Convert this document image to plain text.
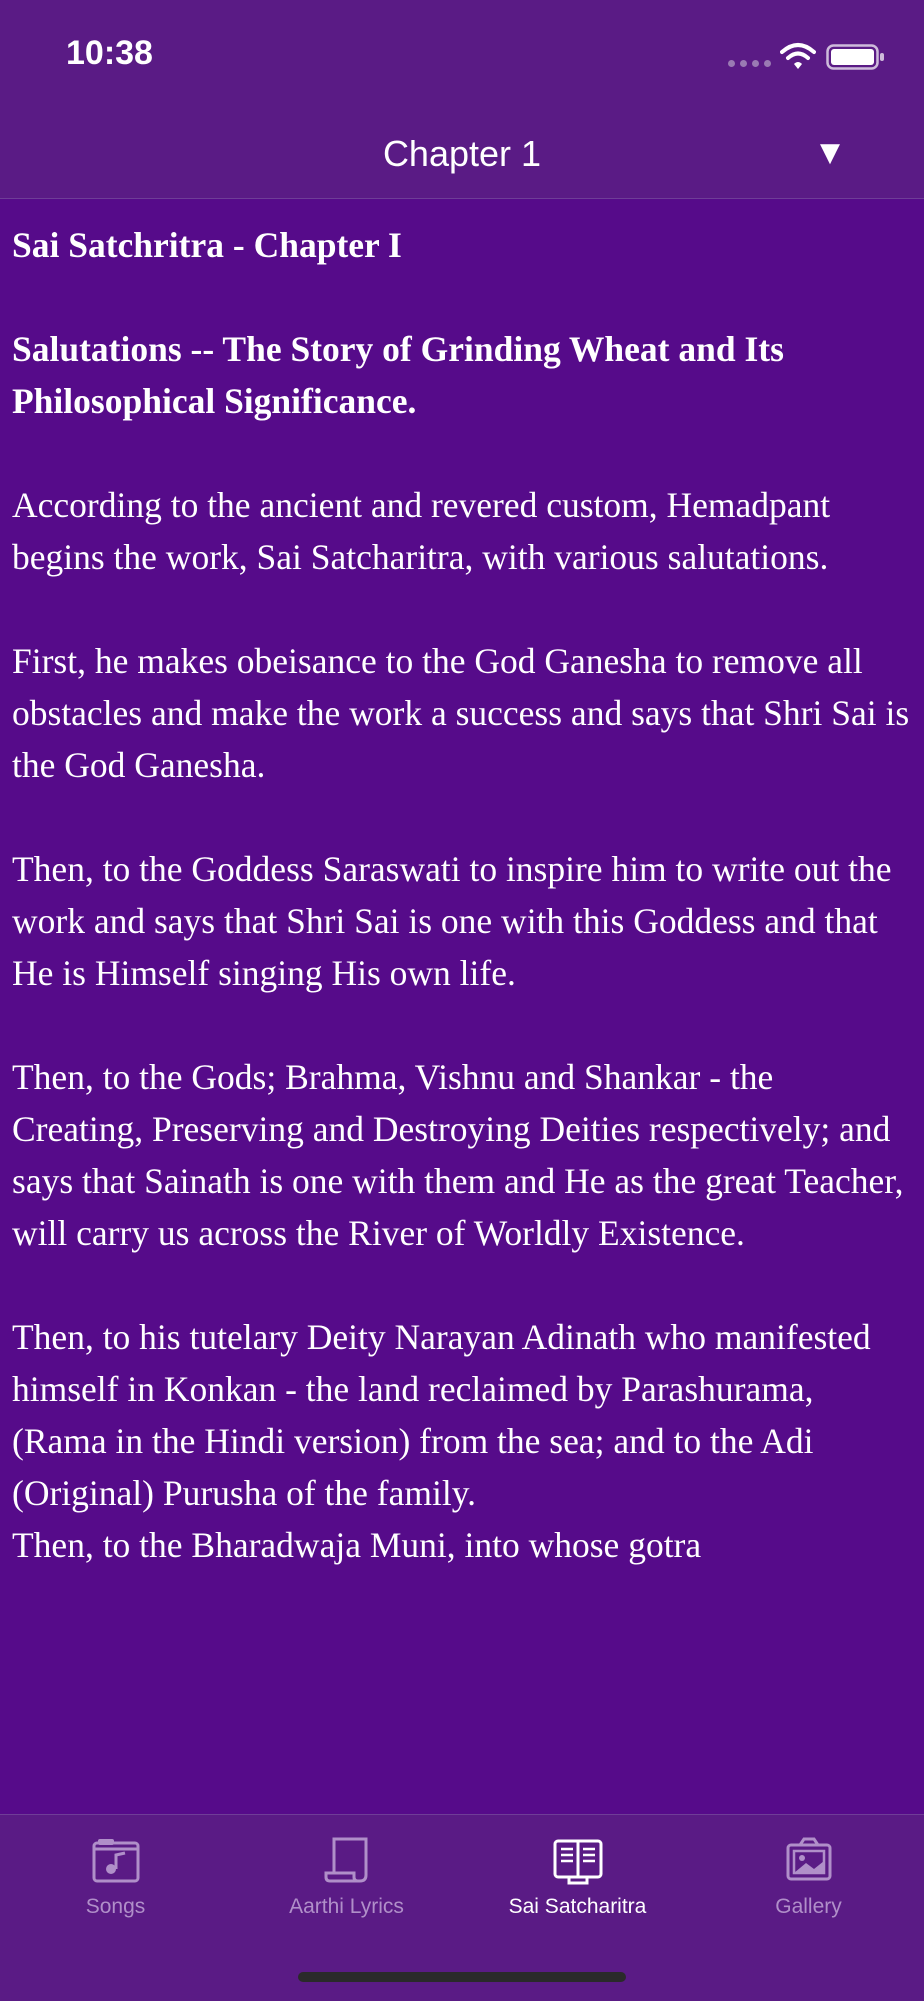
10:38
Chapter 1	▼

Sai Satchritra - Chapter I

Salutations -- The Story of Grinding Wheat and Its Philosophical Significance.

According to the ancient and revered custom, Hemadpant begins the work, Sai Satcharitra, with various salutations.

First, he makes obeisance to the God Ganesha to remove all obstacles and make the work a success and says that Shri Sai is the God Ganesha.

Then, to the Goddess Saraswati to inspire him to write out the work and says that Shri Sai is one with this Goddess and that He is Himself singing His own life.

Then, to the Gods; Brahma, Vishnu and Shankar - the Creating, Preserving and Destroying Deities respectively; and says that Sainath is one with them and He as the great Teacher, will carry us across the River of Worldly Existence.

Then, to his tutelary Deity Narayan Adinath who manifested himself in Konkan - the land reclaimed by Parashurama, (Rama in the Hindi version) from the sea; and to the Adi (Original) Purusha of the family.

Then, to the Bharadwaja Muni, into whose gotra

Songs	Aarthi Lyrics	Sai Satcharitra	Gallery
